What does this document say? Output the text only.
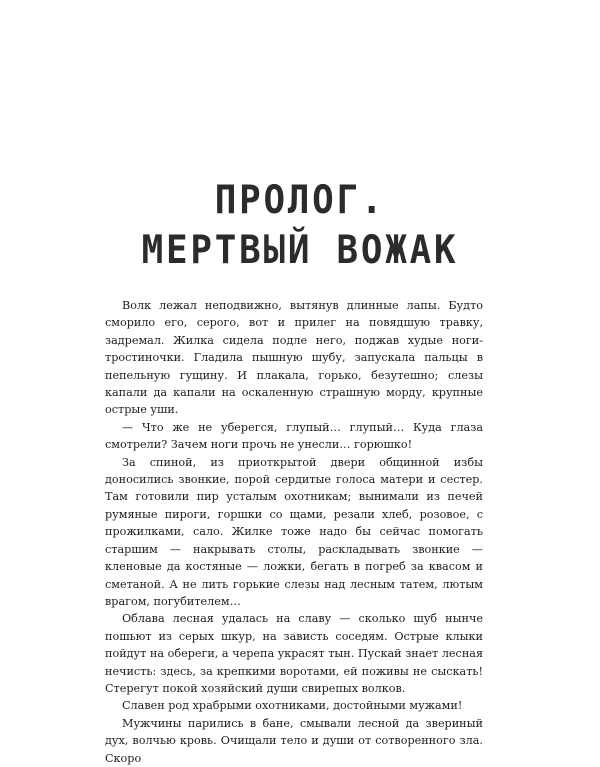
ПРОЛОГ.
МЕРТВЫЙ ВОЖАК

Волк лежал неподвижно, вытянув длинные лапы. Будто сморило его, серого, вот и прилег на повядшую травку, задремал. Жилка сидела подле него, поджав худые ноги-тростиночки. Гладила пышную шубу, запускала пальцы в пепельную гущину. И плакала, горько, безутешно; слезы капали да капали на оскаленную страшную морду, крупные острые уши.

— Что же не уберегся, глупый… глупый… Куда глаза смотрели? Зачем ноги прочь не унесли… горюшко!

За спиной, из приоткрытой двери общинной избы доносились звонкие, порой сердитые голоса матери и сестер. Там готовили пир усталым охотникам; вынимали из печей румяные пироги, горшки со щами, резали хлеб, розовое, с прожилками, сало. Жилке тоже надо бы сейчас помогать старшим — накрывать столы, раскладывать звонкие — кленовые да костяные — ложки, бегать в погреб за квасом и сметаной. А не лить горькие слезы над лесным татем, лютым врагом, погубителем…

Облава лесная удалась на славу — сколько шуб нынче пошьют из серых шкур, на зависть соседям. Острые клыки пойдут на обереги, а черепа украсят тын. Пускай знает лесная нечисть: здесь, за крепкими воротами, ей поживы не сыскать! Стерегут покой хозяйский души свирепых волков.

Славен род храбрыми охотниками, достойными мужами!

Мужчины парились в бане, смывали лесной да звериный дух, волчью кровь. Очищали тело и души от сотворенного зла. Скоро
